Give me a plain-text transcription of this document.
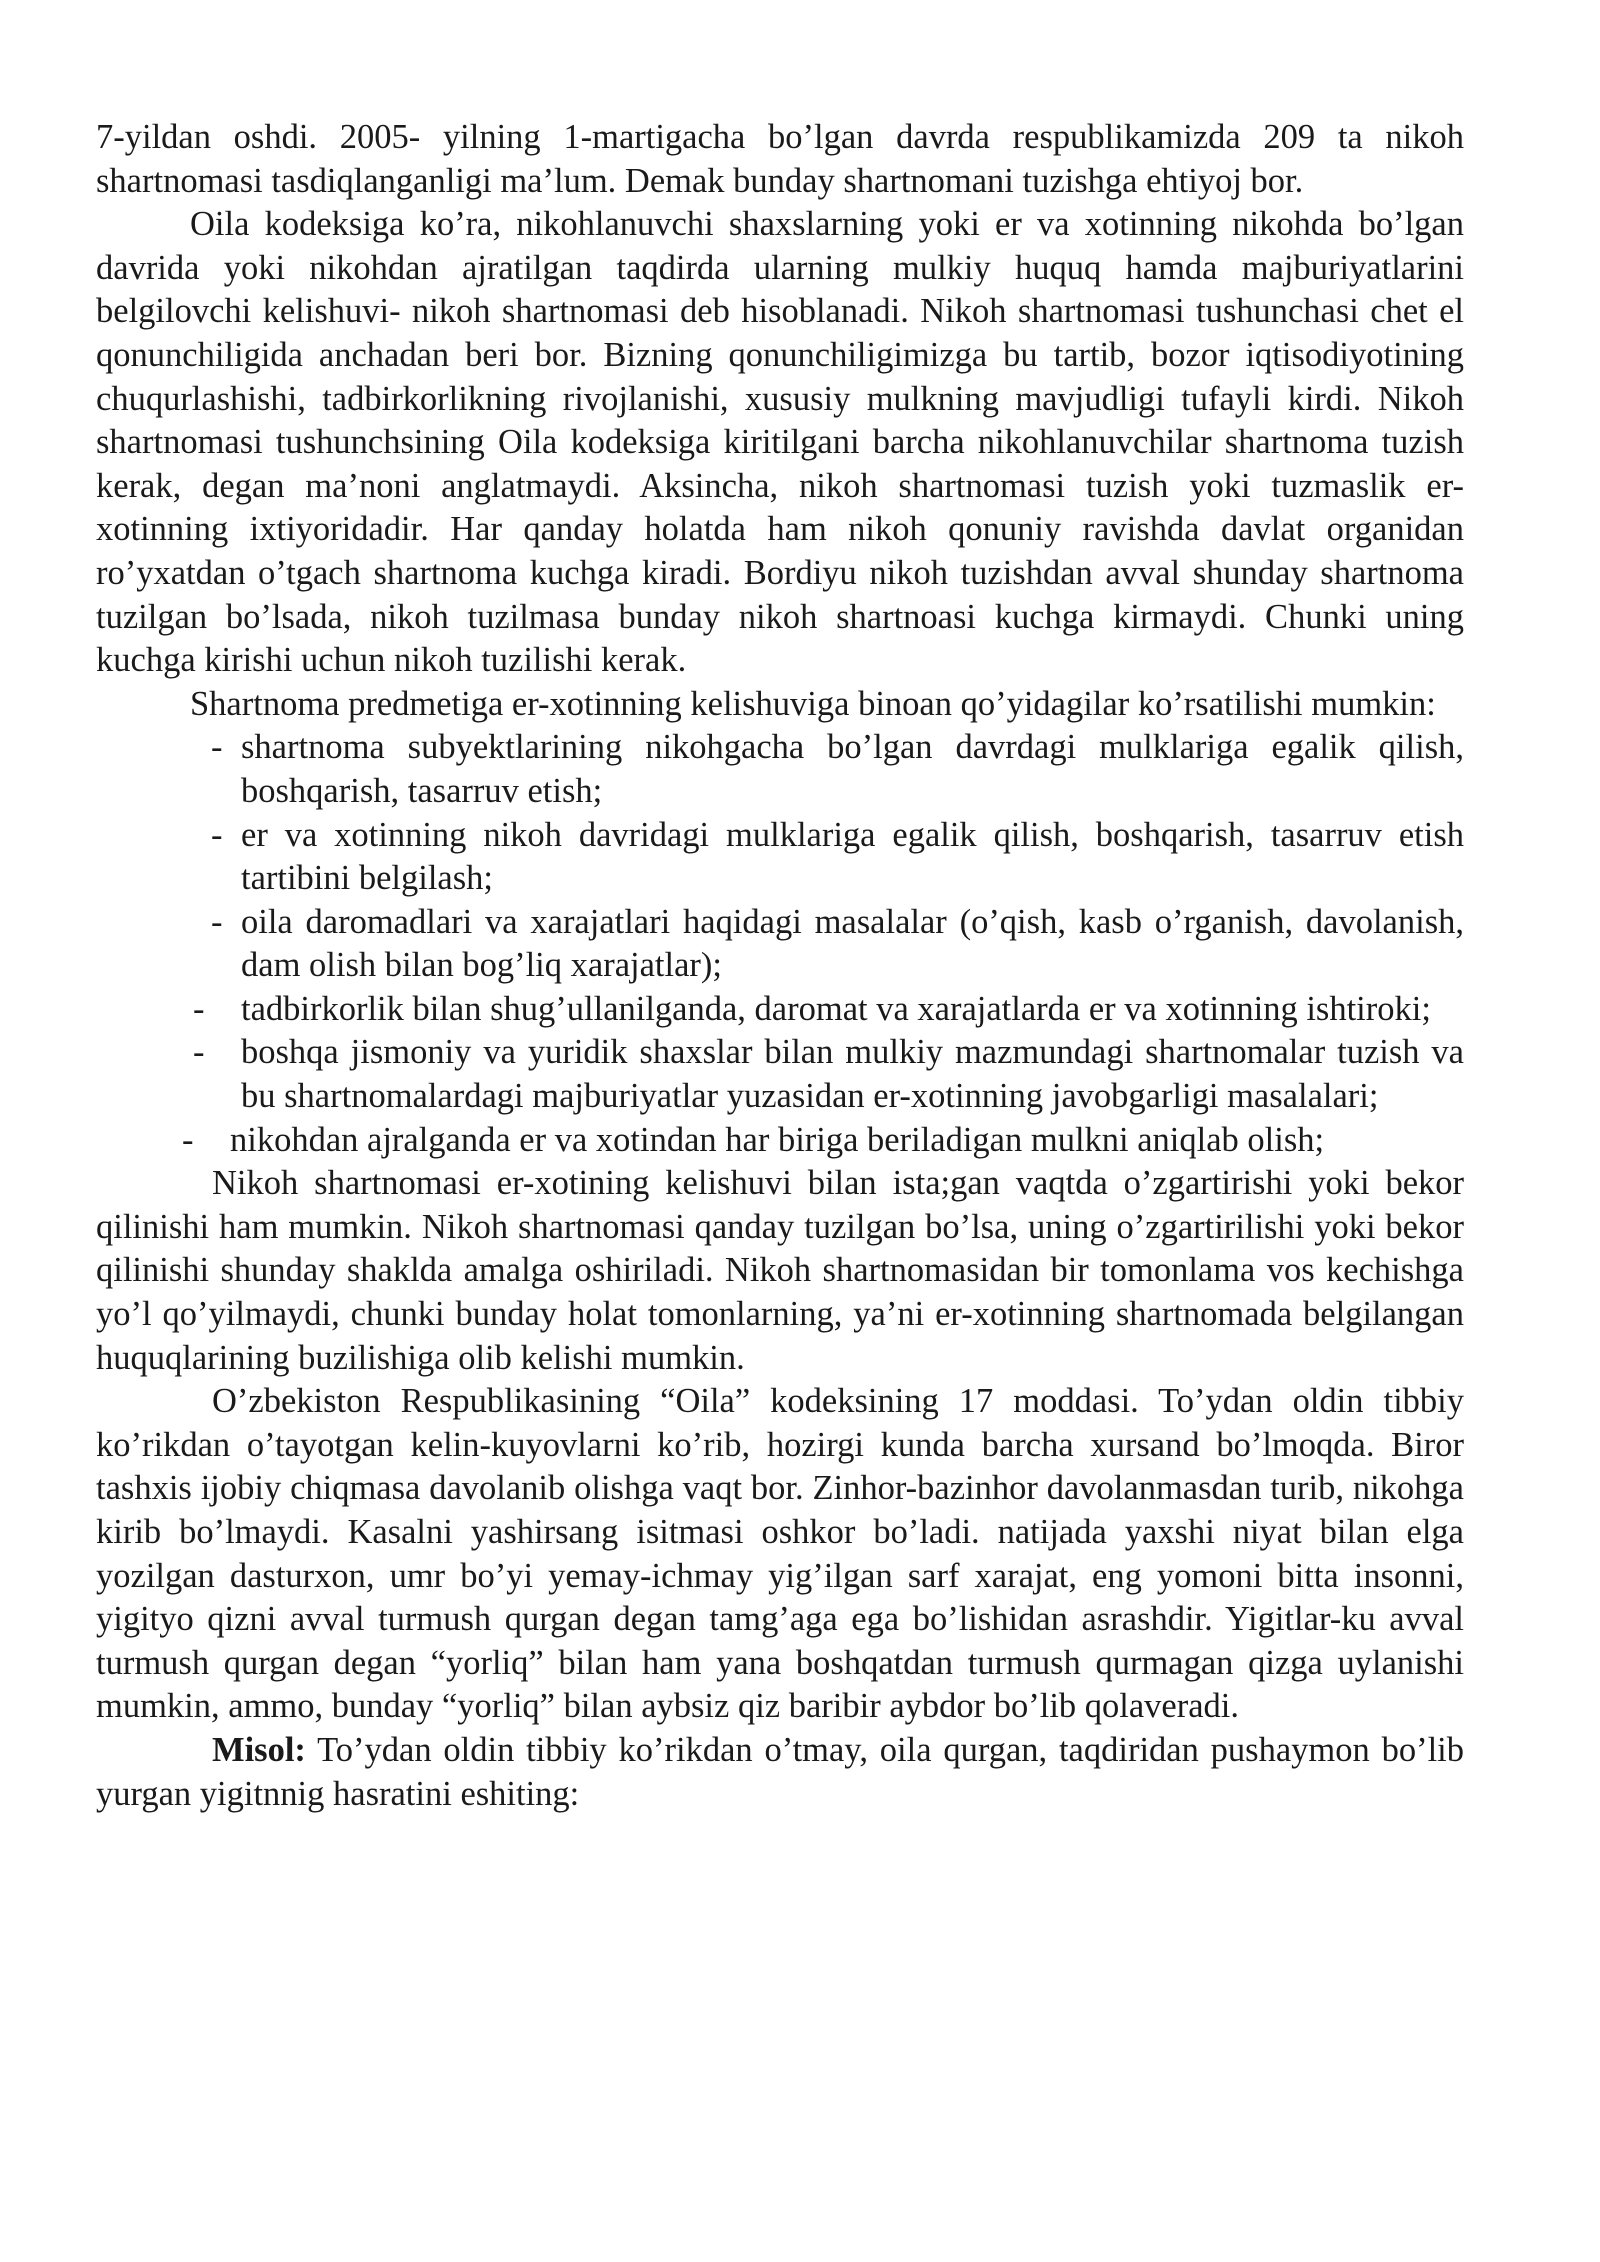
7-yildan oshdi. 2005- yilning 1-martigacha bo’lgan davrda respublikamizda 209 ta nikoh shartnomasi tasdiqlanganligi ma’lum. Demak bunday shartnomani tuzishga ehtiyoj bor.

Oila kodeksiga ko’ra, nikohlanuvchi shaxslarning yoki er va xotinning nikohda bo’lgan davrida yoki nikohdan ajratilgan taqdirda ularning mulkiy huquq hamda majburiyatlarini belgilovchi kelishuvi- nikoh shartnomasi deb hisoblanadi. Nikoh shartnomasi tushunchasi chet el qonunchiligida anchadan beri bor. Bizning qonunchiligimizga bu tartib, bozor iqtisodiyotining chuqurlashishi, tadbirkorlikning rivojlanishi, xususiy mulkning mavjudligi tufayli kirdi. Nikoh shartnomasi tushunchsining Oila kodeksiga kiritilgani barcha nikohlanuvchilar shartnoma tuzish kerak, degan ma’noni anglatmaydi. Aksincha, nikoh shartnomasi tuzish yoki tuzmaslik er-xotinning ixtiyoridadir. Har qanday holatda ham nikoh qonuniy ravishda davlat organidan ro’yxatdan o’tgach shartnoma kuchga kiradi. Bordiyu nikoh tuzishdan avval shunday shartnoma tuzilgan bo’lsada, nikoh tuzilmasa bunday nikoh shartnoasi kuchga kirmaydi. Chunki uning kuchga kirishi uchun nikoh tuzilishi kerak.

Shartnoma predmetiga er-xotinning kelishuviga binoan qo’yidagilar ko’rsatilishi mumkin:

- shartnoma subyektlarining nikohgacha bo’lgan davrdagi mulklariga egalik qilish, boshqarish, tasarruv etish;
- er va xotinning nikoh davridagi mulklariga egalik qilish, boshqarish, tasarruv etish tartibini belgilash;
- oila daromadlari va xarajatlari haqidagi masalalar (o’qish, kasb o’rganish, davolanish, dam olish bilan bog’liq xarajatlar);
- tadbirkorlik bilan shug’ullanilganda, daromat va xarajatlarda er va xotinning ishtiroki;
- boshqa jismoniy va yuridik shaxslar bilan mulkiy mazmundagi shartnomalar tuzish va bu shartnomalardagi majburiyatlar yuzasidan er-xotinning javobgarligi masalalari;
- nikohdan ajralganda er va xotindan har biriga beriladigan mulkni aniqlab olish;

Nikoh shartnomasi er-xotining kelishuvi bilan ista;gan vaqtda o’zgartirishi yoki bekor qilinishi ham mumkin. Nikoh shartnomasi qanday tuzilgan bo’lsa, uning o’zgartirilishi yoki bekor qilinishi shunday shaklda amalga oshiriladi. Nikoh shartnomasidan bir tomonlama vos kechishga yo’l qo’yilmaydi, chunki bunday holat tomonlarning, ya’ni er-xotinning shartnomada belgilangan huquqlarining buzilishiga olib kelishi mumkin.

O’zbekiston Respublikasining “Oila” kodeksining 17 moddasi. To’ydan oldin tibbiy ko’rikdan o’tayotgan kelin-kuyovlarni ko’rib, hozirgi kunda barcha xursand bo’lmoqda. Biror tashxis ijobiy chiqmasa davolanib olishga vaqt bor. Zinhor-bazinhor davolanmasdan turib, nikohga kirib bo’lmaydi. Kasalni yashirsang isitmasi oshkor bo’ladi. natijada yaxshi niyat bilan elga yozilgan dasturxon, umr bo’yi yemay-ichmay yig’ilgan sarf xarajat, eng yomoni bitta insonni, yigityo qizni avval turmush qurgan degan tamg’aga ega bo’lishidan asrashdir. Yigitlar-ku avval turmush qurgan degan “yorliq” bilan ham yana boshqatdan turmush qurmagan qizga uylanishi mumkin, ammo, bunday “yorliq” bilan aybsiz qiz baribir aybdor bo’lib qolaveradi.

Misol: To’ydan oldin tibbiy ko’rikdan o’tmay, oila qurgan, taqdiridan pushaymon bo’lib yurgan yigitnnig hasratini eshiting:
